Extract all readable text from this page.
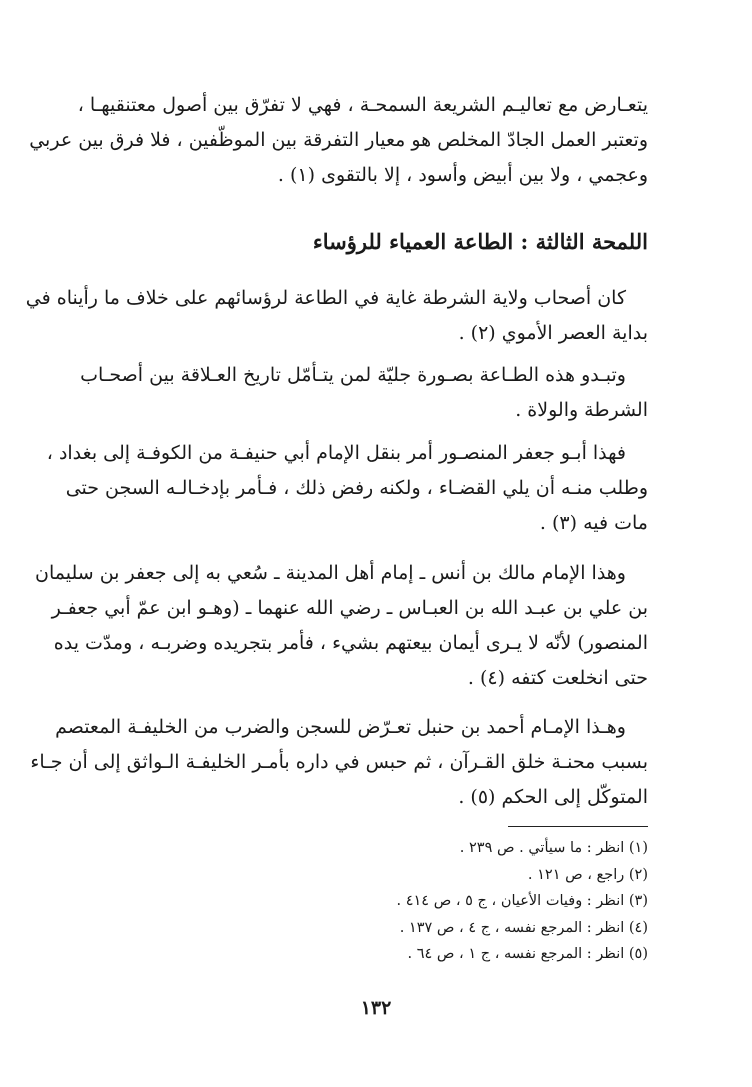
يتعـارض مع تعاليـم الشريعة السمحـة ، فهي لا تفرّق بين أصول معتنقيهـا ،
وتعتبر العمل الجادّ المخلص هو معيار التفرقة بين الموظّفين ، فلا فرق بين عربي
وعجمي ، ولا بين أبيض وأسود ، إلا بالتقوى (١) .
اللمحة الثالثة : الطاعة العمياء للرؤساء
كان أصحاب ولاية الشرطة غاية في الطاعة لرؤسائهم على خلاف ما رأيناه في
بداية العصر الأموي (٢) .
وتبـدو هذه الطـاعة بصـورة جليّة لمن يتـأمّل تاريخ العـلاقة بين أصحـاب
الشرطة والولاة .
فهذا أبـو جعفر المنصـور أمر بنقل الإمام أبي حنيفـة من الكوفـة إلى بغداد ،
وطلب منـه أن يلي القضـاء ، ولكنه رفض ذلك ، فـأمر بإدخـالـه السجن حتى
مات فيه (٣) .
وهذا الإمام مالك بن أنس ـ إمام أهل المدينة ـ سُعي به إلى جعفر بن سليمان
بن علي بن عبـد الله بن العبـاس ـ رضي الله عنهما ـ (وهـو ابن عمّ أبي جعفـر
المنصور) لأنّه لا يـرى أيمان بيعتهم بشيء ، فأمر بتجريده وضربـه ، ومدّت يده
حتى انخلعت كتفه (٤) .
وهـذا الإمـام أحمد بن حنبل تعـرّض للسجن والضرب من الخليفـة المعتصم
بسبب محنـة خلق القـرآن ، ثم حبس في داره بأمـر الخليفـة الـواثق إلى أن جـاء
المتوكّل إلى الحكم (٥) .
(١) انظر : ما سيأتي . ص ٢٣٩ .
(٢) راجع ، ص ١٢١ .
(٣) انظر : وفيات الأعيان ، ج ٥ ، ص ٤١٤ .
(٤) انظر : المرجع نفسه ، ج ٤ ، ص ١٣٧ .
(٥) انظر : المرجع نفسه ، ج ١ ، ص ٦٤ .
١٣٢
